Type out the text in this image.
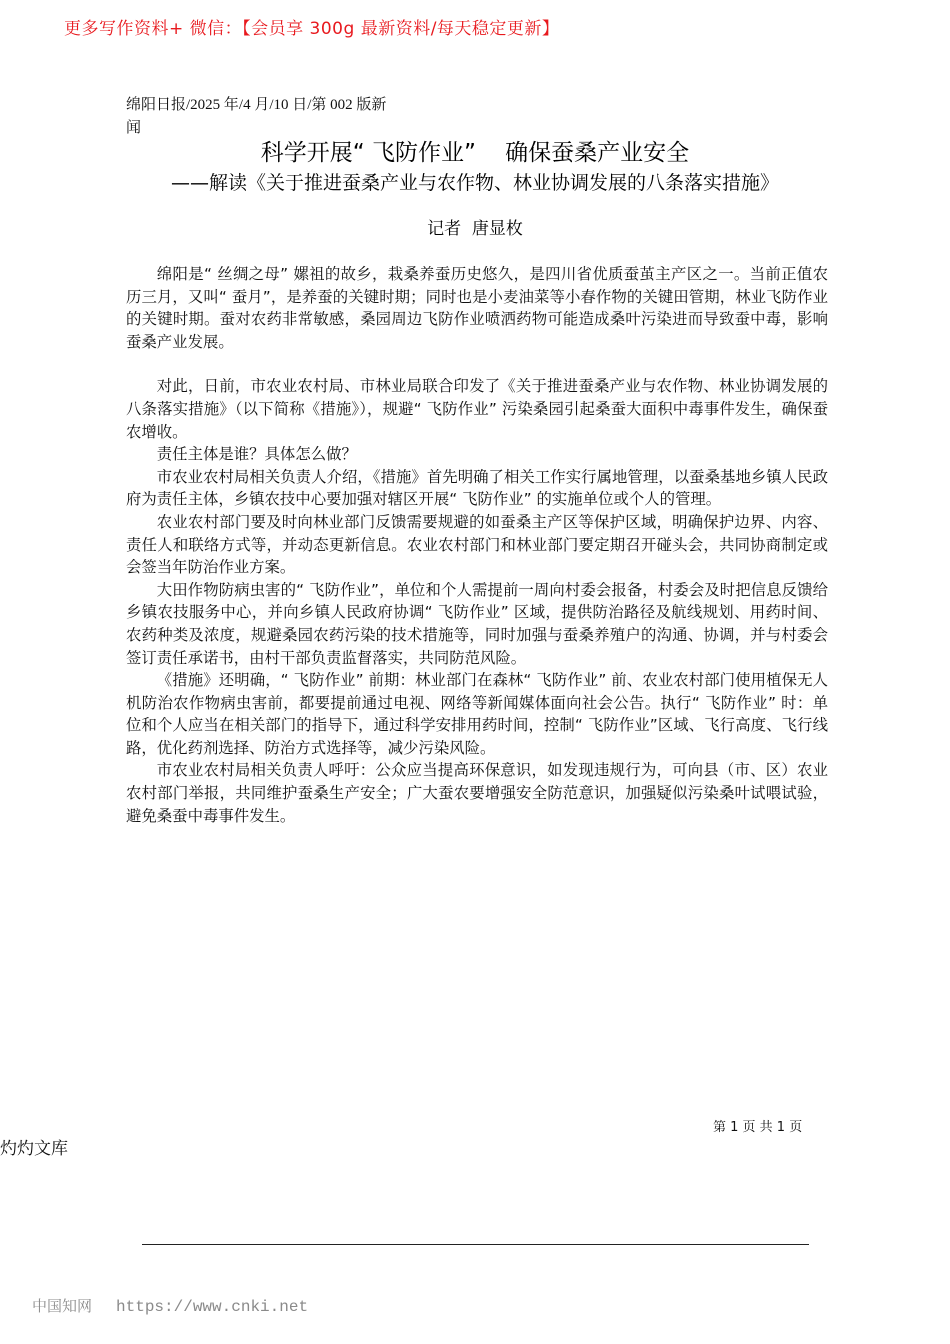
更多写作资料+ 微信：【会员享 300g 最新资料/每天稳定更新】
绵阳日报/2025 年/4 月/10 日/第 002 版新闻
科学开展“ 飞防作业”    确保蚕桑产业安全
——解读《关于推进蚕桑产业与农作物、林业协调发展的八条落实措施》
记者  唐显枚

绵阳是“ 丝绸之母” 嫘祖的故乡，栽桑养蚕历史悠久，是四川省优质蚕茧主产区之一。当前正值农历三月，又叫“ 蚕月”，是养蚕的关键时期；同时也是小麦油菜等小春作物的关键田管期，林业飞防作业的关键时期。蚕对农药非常敏感，桑园周边飞防作业喷洒药物可能造成桑叶污染进而导致蚕中毒，影响蚕桑产业发展。

对此，日前，市农业农村局、市林业局联合印发了《关于推进蚕桑产业与农作物、林业协调发展的八条落实措施》（以下简称《措施》），规避“ 飞防作业” 污染桑园引起桑蚕大面积中毒事件发生，确保蚕农增收。

责任主体是谁？具体怎么做？

市农业农村局相关负责人介绍，《措施》首先明确了相关工作实行属地管理，以蚕桑基地乡镇人民政府为责任主体，乡镇农技中心要加强对辖区开展“ 飞防作业” 的实施单位或个人的管理。

农业农村部门要及时向林业部门反馈需要规避的如蚕桑主产区等保护区域，明确保护边界、内容、责任人和联络方式等，并动态更新信息。农业农村部门和林业部门要定期召开碰头会，共同协商制定或会签当年防治作业方案。

大田作物防病虫害的“ 飞防作业”，单位和个人需提前一周向村委会报备，村委会及时把信息反馈给乡镇农技服务中心，并向乡镇人民政府协调“ 飞防作业” 区域，提供防治路径及航线规划、用药时间、农药种类及浓度，规避桑园农药污染的技术措施等，同时加强与蚕桑养殖户的沟通、协调，并与村委会签订责任承诺书，由村干部负责监督落实，共同防范风险。

《措施》还明确，“ 飞防作业” 前期：林业部门在森林“ 飞防作业” 前、农业农村部门使用植保无人机防治农作物病虫害前，都要提前通过电视、网络等新闻媒体面向社会公告。执行“ 飞防作业” 时：单位和个人应当在相关部门的指导下，通过科学安排用药时间，控制“ 飞防作业”区域、飞行高度、飞行线路，优化药剂选择、防治方式选择等，减少污染风险。

市农业农村局相关负责人呼吁：公众应当提高环保意识，如发现违规行为，可向县（市、区）农业农村部门举报，共同维护蚕桑生产安全；广大蚕农要增强安全防范意识，加强疑似污染桑叶试喂试验，避免桑蚕中毒事件发生。

第 1 页 共 1 页
灼灼文库
中国知网 https://www.cnki.net
